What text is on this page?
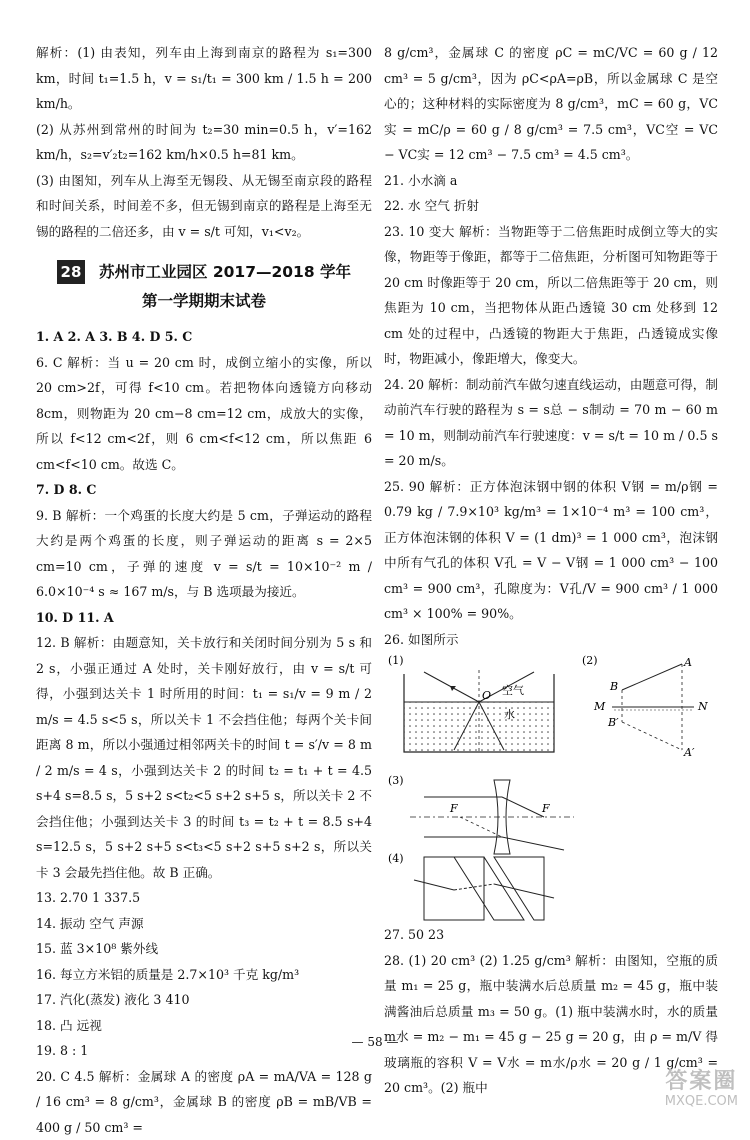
解析：(1) 由表知，列车由上海到南京的路程为 s₁=300 km，时间 t₁=1.5 h，v = s₁/t₁ = 300 km / 1.5 h = 200 km/h。

(2) 从苏州到常州的时间为 t₂=30 min=0.5 h，v′=162 km/h，s₂=v′₂t₂=162 km/h×0.5 h=81 km。

(3) 由图知，列车从上海至无锡段、从无锡至南京段的路程和时间关系，时间差不多，但无锡到南京的路程是上海至无锡的路程的二倍还多，由 v = s/t 可知，v₁<v₂。

28 苏州市工业园区 2017—2018 学年
第一学期期末试卷

1. A 2. A 3. B 4. D 5. C

6. C 解析：当 u = 20 cm 时，成倒立缩小的实像，所以 20 cm>2f，可得 f<10 cm。若把物体向透镜方向移动 8cm，则物距为 20 cm−8 cm=12 cm，成放大的实像，所以 f<12 cm<2f，则 6 cm<f<12 cm，所以焦距 6 cm<f<10 cm。故选 C。

7. D 8. C

9. B 解析：一个鸡蛋的长度大约是 5 cm，子弹运动的路程大约是两个鸡蛋的长度，则子弹运动的距离 s = 2×5 cm=10 cm，子弹的速度 v = s/t = 10×10⁻² m / 6.0×10⁻⁴ s ≈ 167 m/s，与 B 选项最为接近。

10. D 11. A

12. B 解析：由题意知，关卡放行和关闭时间分别为 5 s 和 2 s，小强正通过 A 处时，关卡刚好放行，由 v = s/t 可得，小强到达关卡 1 时所用的时间：t₁ = s₁/v = 9 m / 2 m/s = 4.5 s<5 s，所以关卡 1 不会挡住他；每两个关卡间距离 8 m，所以小强通过相邻两关卡的时间 t = s′/v = 8 m / 2 m/s = 4 s，小强到达关卡 2 的时间 t₂ = t₁ + t = 4.5 s+4 s=8.5 s，5 s+2 s<t₂<5 s+2 s+5 s，所以关卡 2 不会挡住他；小强到达关卡 3 的时间 t₃ = t₂ + t = 8.5 s+4 s=12.5 s，5 s+2 s+5 s<t₃<5 s+2 s+5 s+2 s，所以关卡 3 会最先挡住他。故 B 正确。

13. 2.70 1 337.5

14. 振动 空气 声源

15. 蓝 3×10⁸ 紫外线

16. 每立方米铝的质量是 2.7×10³ 千克 kg/m³

17. 汽化(蒸发) 液化 3 410

18. 凸 远视

19. 8 : 1

20. C 4.5 解析：金属球 A 的密度 ρA = mA/VA = 128 g / 16 cm³ = 8 g/cm³，金属球 B 的密度 ρB = mB/VB = 400 g / 50 cm³ =

8 g/cm³，金属球 C 的密度 ρC = mC/VC = 60 g / 12 cm³ = 5 g/cm³，因为 ρC<ρA=ρB，所以金属球 C 是空心的；这种材料的实际密度为 8 g/cm³，mC = 60 g，VC实 = mC/ρ = 60 g / 8 g/cm³ = 7.5 cm³，VC空 = VC − VC实 = 12 cm³ − 7.5 cm³ = 4.5 cm³。

21. 小水滴 a

22. 水 空气 折射

23. 10 变大 解析：当物距等于二倍焦距时成倒立等大的实像，物距等于像距，都等于二倍焦距，分析图可知物距等于 20 cm 时像距等于 20 cm，所以二倍焦距等于 20 cm，则焦距为 10 cm，当把物体从距凸透镜 30 cm 处移到 12 cm 处的过程中，凸透镜的物距大于焦距，凸透镜成实像时，物距减小，像距增大，像变大。

24. 20 解析：制动前汽车做匀速直线运动，由题意可得，制动前汽车行驶的路程为 s = s总 − s制动 = 70 m − 60 m = 10 m，则制动前汽车行驶速度：v = s/t = 10 m / 0.5 s = 20 m/s。

25. 90 解析：正方体泡沫钢中钢的体积 V钢 = m/ρ钢 = 0.79 kg / 7.9×10³ kg/m³ = 1×10⁻⁴ m³ = 100 cm³，正方体泡沫钢的体积 V = (1 dm)³ = 1 000 cm³，泡沫钢中所有气孔的体积 V孔 = V − V钢 = 1 000 cm³ − 100 cm³ = 900 cm³，孔隙度为：V孔/V = 900 cm³ / 1 000 cm³ × 100% = 90%。

26. 如图所示

(1)
O 空气
水
(2)	A
B
M	N
B′
A′
(3)
F	F
(4)

27. 50 23

28. (1) 20 cm³ (2) 1.25 g/cm³ 解析：由图知，空瓶的质量 m₁ = 25 g，瓶中装满水后总质量 m₂ = 45 g，瓶中装满酱油后总质量 m₃ = 50 g。(1) 瓶中装满水时，水的质量 m水 = m₂ − m₁ = 45 g − 25 g = 20 g，由 ρ = m/V 得玻璃瓶的容积 V = V水 = m水/ρ水 = 20 g / 1 g/cm³ = 20 cm³。(2) 瓶中

— 58 —
答案圈
MXQE.COM
